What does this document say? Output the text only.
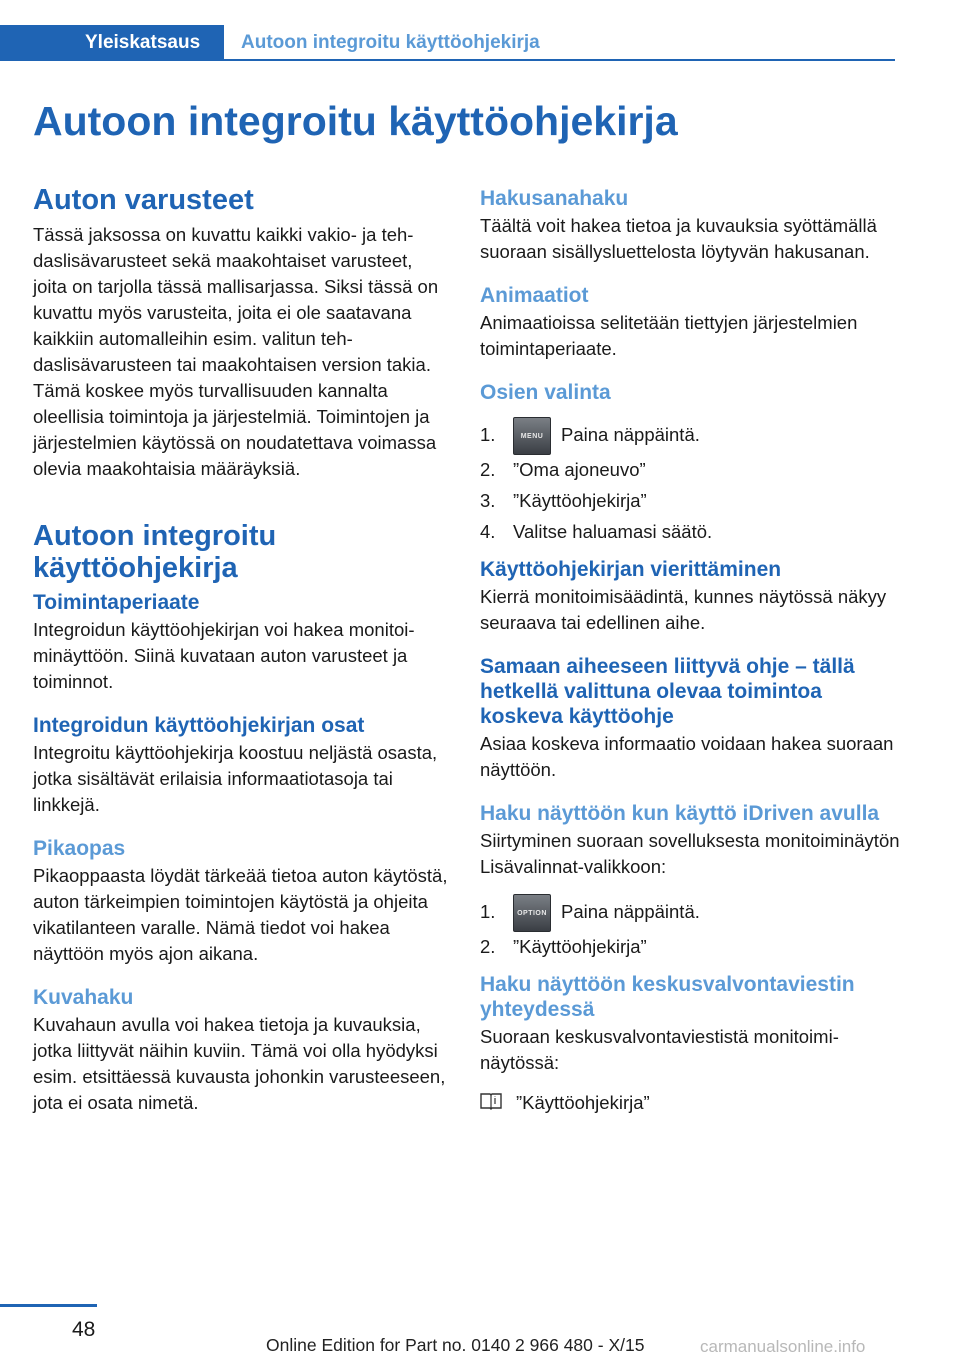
Yleiskatsaus	Autoon integroitu käyttöohjekirja
Autoon integroitu käyttöohjekirja
Auton varusteet

Tässä jaksossa on kuvattu kaikki vakio- ja tehdaslisävarusteet sekä maakohtaiset varusteet, joita on tarjolla tässä mallisarjassa. Siksi tässä on kuvattu myös varusteita, joita ei ole saatavana kaikkiin automalleihin esim. valitun tehdaslisävarusteen tai maakohtaisen version takia. Tämä koskee myös turvallisuuden kannalta oleellisia toimintoja ja järjestelmiä. Toimintojen ja järjestelmien käytössä on noudatettava voimassa olevia maakohtaisia määräyksiä.

Autoon integroitu käyttöohjekirja
Toimintaperiaate

Integroidun käyttöohjekirjan voi hakea monitoiminäyttöön. Siinä kuvataan auton varusteet ja toiminnot.

Integroidun käyttöohjekirjan osat

Integroitu käyttöohjekirja koostuu neljästä osasta, jotka sisältävät erilaisia informaatiotasoja tai linkkejä.

Pikaopas

Pikaoppaasta löydät tärkeää tietoa auton käytöstä, auton tärkeimpien toimintojen käytöstä ja ohjeita vikatilanteen varalle. Nämä tiedot voi hakea näyttöön myös ajon aikana.

Kuvahaku

Kuvahaun avulla voi hakea tietoja ja kuvauksia, jotka liittyvät näihin kuviin. Tämä voi olla hyödyksi esim. etsittäessä kuvausta johonkin varusteeseen, jota ei osata nimetä.

Hakusanahaku

Täältä voit hakea tietoa ja kuvauksia syöttämällä suoraan sisällysluettelosta löytyvän hakusanan.

Animaatiot

Animaatioissa selitetään tiettyjen järjestelmien toimintaperiaate.

Osien valinta
1.	MENU Paina näppäintä.
2. ”Oma ajoneuvo”
3. ”Käyttöohjekirja”
4. Valitse haluamasi säätö.
Käyttöohjekirjan vierittäminen

Kierrä monitoimisäädintä, kunnes näytössä näkyy seuraava tai edellinen aihe.

Samaan aiheeseen liittyvä ohje – tällä hetkellä valittuna olevaa toimintoa koskeva käyttöohje

Asiaa koskeva informaatio voidaan hakea suoraan näyttöön.

Haku näyttöön kun käyttö iDriven avulla

Siirtyminen suoraan sovelluksesta monitoiminäytön Lisävalinnat-valikkoon:

1.	OPTION Paina näppäintä.
2. ”Käyttöohjekirja”
Haku näyttöön keskusvalvontaviestin yhteydessä

Suoraan keskusvalvontaviestistä monitoiminäytössä:

”Käyttöohjekirja”
48
Online Edition for Part no. 0140 2 966 480 - X/15	carmanualsonline.info
